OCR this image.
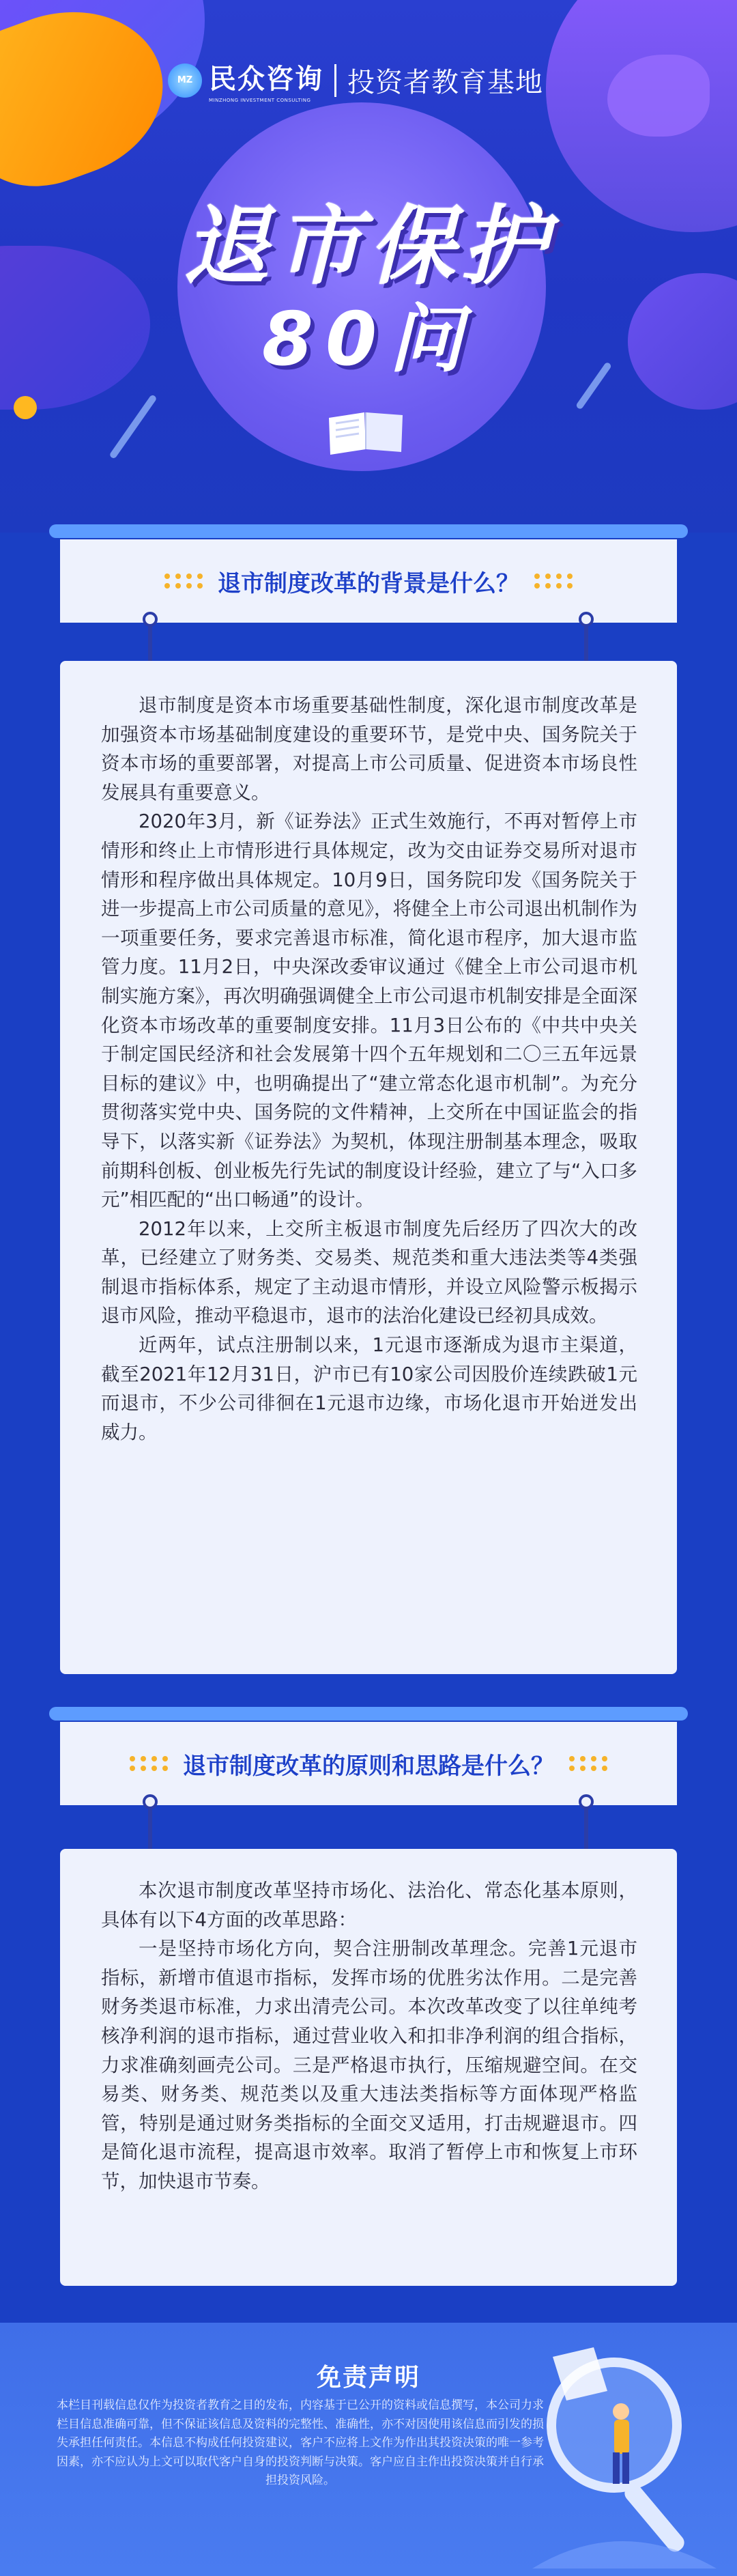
MZ 民众咨询
MINZHONG INVESTMENT CONSULTING
投资者教育基地
退市保护
80问
退市制度改革的背景是什么？

退市制度是资本市场重要基础性制度，深化退市制度改革是加强资本市场基础制度建设的重要环节，是党中央、国务院关于资本市场的重要部署，对提高上市公司质量、促进资本市场良性发展具有重要意义。

2020年3月，新《证券法》正式生效施行，不再对暂停上市情形和终止上市情形进行具体规定，改为交由证券交易所对退市情形和程序做出具体规定。10月9日，国务院印发《国务院关于进一步提高上市公司质量的意见》，将健全上市公司退出机制作为一项重要任务，要求完善退市标准，简化退市程序，加大退市监管力度。11月2日，中央深改委审议通过《健全上市公司退市机制实施方案》，再次明确强调健全上市公司退市机制安排是全面深化资本市场改革的重要制度安排。11月3日公布的《中共中央关于制定国民经济和社会发展第十四个五年规划和二〇三五年远景目标的建议》中，也明确提出了“建立常态化退市机制”。为充分贯彻落实党中央、国务院的文件精神，上交所在中国证监会的指导下，以落实新《证券法》为契机，体现注册制基本理念，吸取前期科创板、创业板先行先试的制度设计经验，建立了与“入口多元”相匹配的“出口畅通”的设计。

2012年以来，上交所主板退市制度先后经历了四次大的改革，已经建立了财务类、交易类、规范类和重大违法类等4类强制退市指标体系，规定了主动退市情形，并设立风险警示板揭示退市风险，推动平稳退市，退市的法治化建设已经初具成效。

近两年，试点注册制以来，1元退市逐渐成为退市主渠道，截至2021年12月31日，沪市已有10家公司因股价连续跌破1元而退市，不少公司徘徊在1元退市边缘，市场化退市开始迸发出威力。

退市制度改革的原则和思路是什么？

本次退市制度改革坚持市场化、法治化、常态化基本原则，具体有以下4方面的改革思路：

一是坚持市场化方向，契合注册制改革理念。完善1元退市指标，新增市值退市指标，发挥市场的优胜劣汰作用。二是完善财务类退市标准，力求出清壳公司。本次改革改变了以往单纯考核净利润的退市指标，通过营业收入和扣非净利润的组合指标，力求准确刻画壳公司。三是严格退市执行，压缩规避空间。在交易类、财务类、规范类以及重大违法类指标等方面体现严格监管，特别是通过财务类指标的全面交叉适用，打击规避退市。四是简化退市流程，提高退市效率。取消了暂停上市和恢复上市环节，加快退市节奏。

免责声明
本栏目刊载信息仅作为投资者教育之目的发布，内容基于已公开的资料或信息撰写，本公司力求栏目信息准确可靠，但不保证该信息及资料的完整性、准确性，亦不对因使用该信息而引发的损失承担任何责任。本信息不构成任何投资建议，客户不应将上文作为作出其投资决策的唯一参考因素，亦不应认为上文可以取代客户自身的投资判断与决策。客户应自主作出投资决策并自行承担投资风险。
